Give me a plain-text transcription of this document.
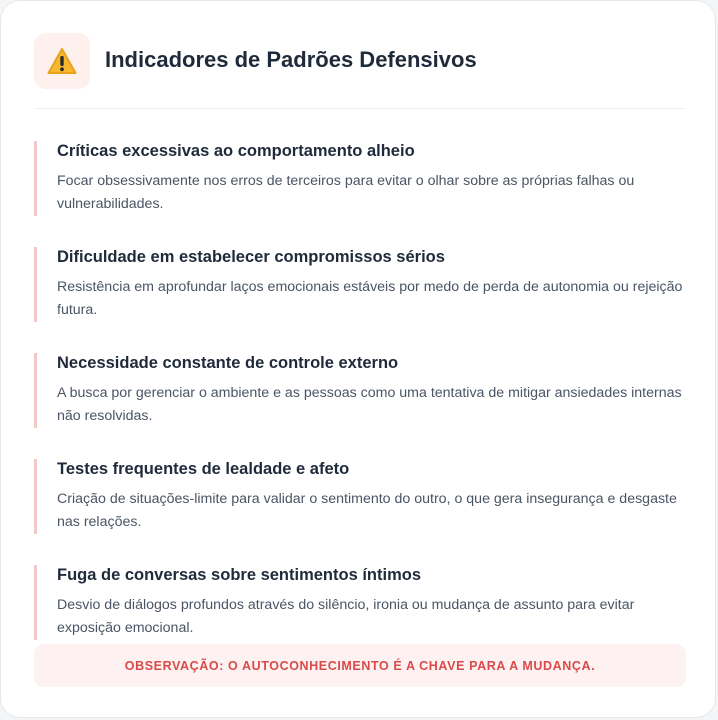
Indicadores de Padrões Defensivos
Críticas excessivas ao comportamento alheio
Focar obsessivamente nos erros de terceiros para evitar o olhar sobre as próprias falhas ou vulnerabilidades.
Dificuldade em estabelecer compromissos sérios
Resistência em aprofundar laços emocionais estáveis por medo de perda de autonomia ou rejeição futura.
Necessidade constante de controle externo
A busca por gerenciar o ambiente e as pessoas como uma tentativa de mitigar ansiedades internas não resolvidas.
Testes frequentes de lealdade e afeto
Criação de situações-limite para validar o sentimento do outro, o que gera insegurança e desgaste nas relações.
Fuga de conversas sobre sentimentos íntimos
Desvio de diálogos profundos através do silêncio, ironia ou mudança de assunto para evitar exposição emocional.
OBSERVAÇÃO: O AUTOCONHECIMENTO É A CHAVE PARA A MUDANÇA.
